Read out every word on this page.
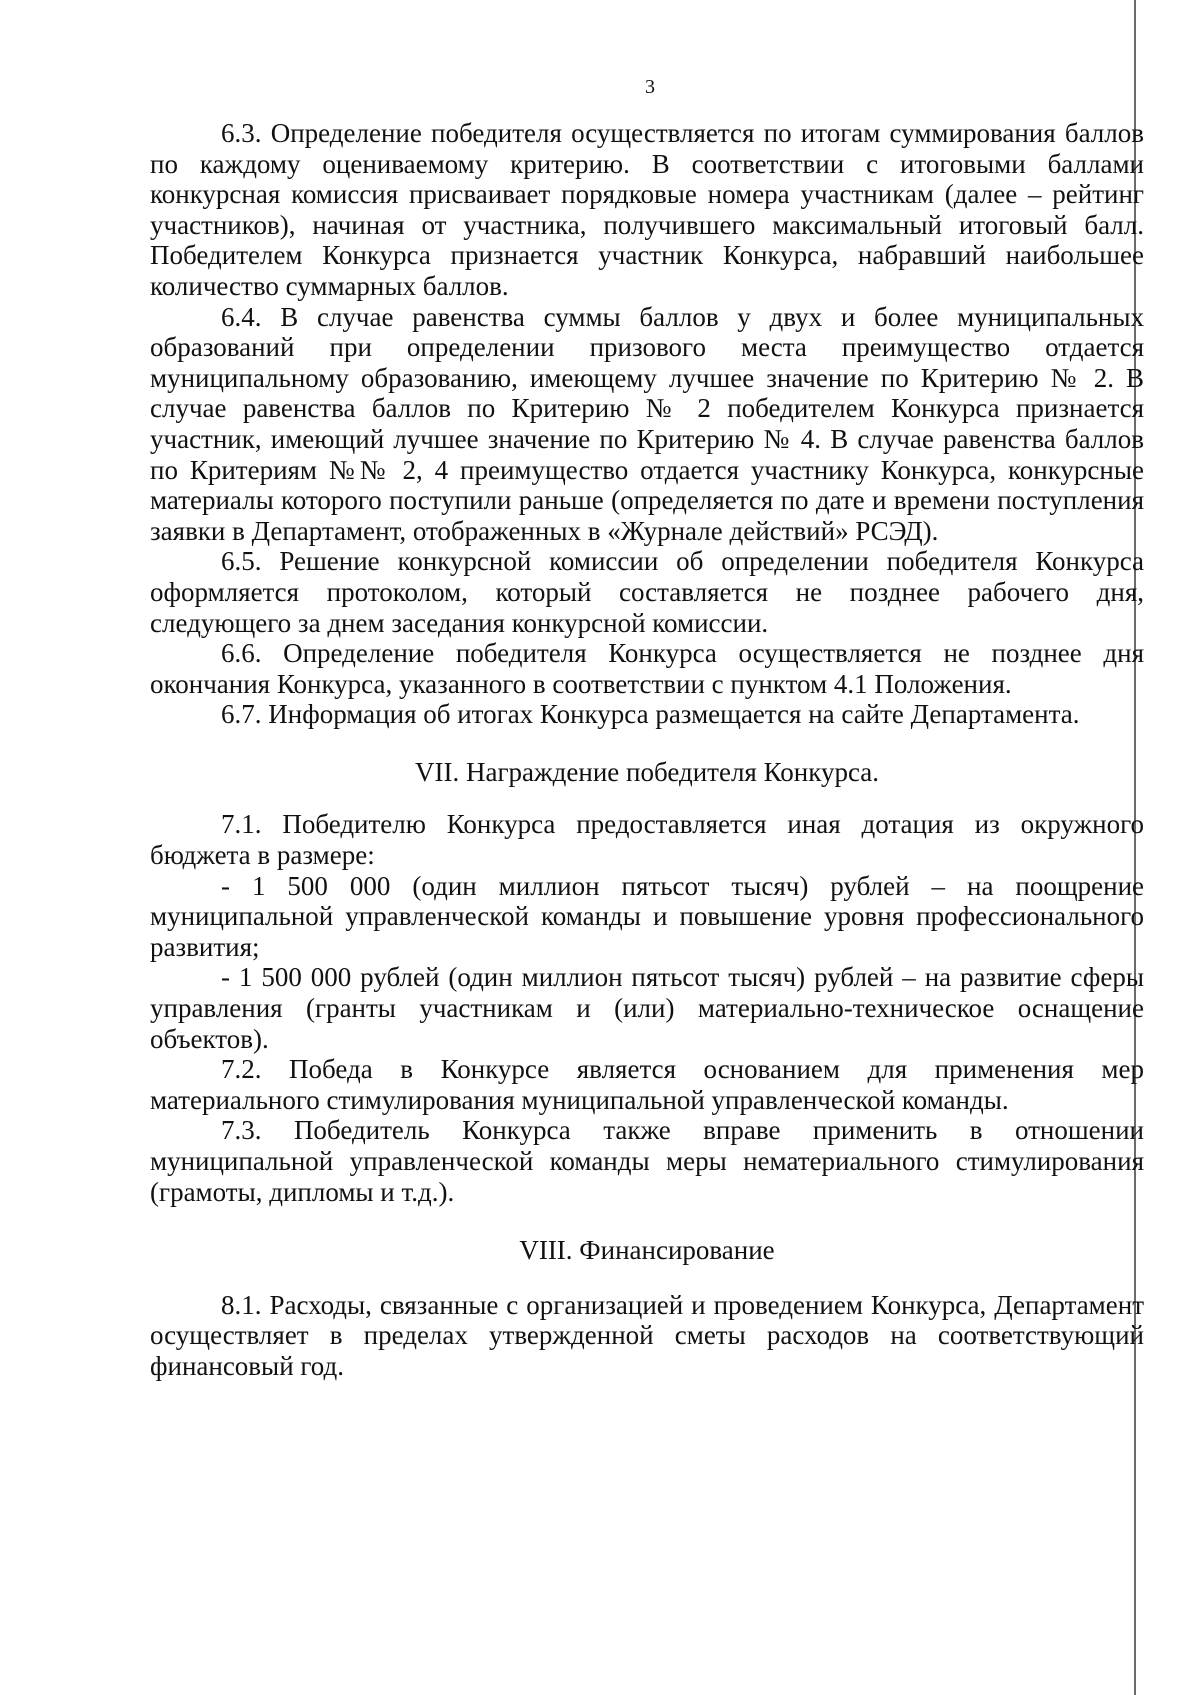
3

6.3. Определение победителя осуществляется по итогам суммирования баллов по каждому оцениваемому критерию. В соответствии с итоговыми баллами конкурсная комиссия присваивает порядковые номера участникам (далее – рейтинг участников), начиная от участника, получившего максимальный итоговый балл. Победителем Конкурса признается участник Конкурса, набравший наибольшее количество суммарных баллов.

6.4. В случае равенства суммы баллов у двух и более муниципальных образований при определении призового места преимущество отдается муниципальному образованию, имеющему лучшее значение по Критерию № 2. В случае равенства баллов по Критерию № 2 победителем Конкурса признается участник, имеющий лучшее значение по Критерию № 4. В случае равенства баллов по Критериям №№ 2, 4 преимущество отдается участнику Конкурса, конкурсные материалы которого поступили раньше (определяется по дате и времени поступления заявки в Департамент, отображенных в «Журнале действий» РСЭД).

6.5. Решение конкурсной комиссии об определении победителя Конкурса оформляется протоколом, который составляется не позднее рабочего дня, следующего за днем заседания конкурсной комиссии.

6.6. Определение победителя Конкурса осуществляется не позднее дня окончания Конкурса, указанного в соответствии с пунктом 4.1 Положения.

6.7. Информация об итогах Конкурса размещается на сайте Департамента.

VII. Награждение победителя Конкурса.

7.1. Победителю Конкурса предоставляется иная дотация из окружного бюджета в размере:

- 1 500 000 (один миллион пятьсот тысяч) рублей – на поощрение муниципальной управленческой команды и повышение уровня профессионального развития;

- 1 500 000 рублей (один миллион пятьсот тысяч) рублей – на развитие сферы управления (гранты участникам и (или) материально-техническое оснащение объектов).

7.2. Победа в Конкурсе является основанием для применения мер материального стимулирования муниципальной управленческой команды.

7.3. Победитель Конкурса также вправе применить в отношении муниципальной управленческой команды меры нематериального стимулирования (грамоты, дипломы и т.д.).

VIII. Финансирование

8.1. Расходы, связанные с организацией и проведением Конкурса, Департамент осуществляет в пределах утвержденной сметы расходов на соответствующий финансовый год.
